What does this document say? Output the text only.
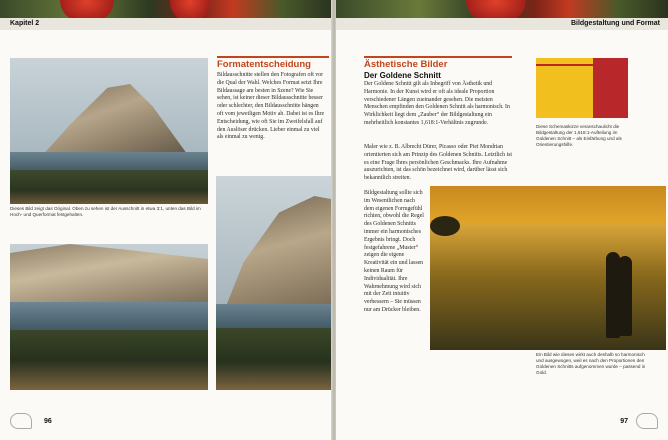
Kapitel 2
Dieses Bild zeigt das Original. Oben zu sehen ist der Ausschnitt in etwa 3:1, unten das Bild im Hoch- und Querformat festgehalten.
Formatentscheidung
Bildausschnitte stellen den Fotografen oft vor die Qual der Wahl. Welches Format setzt Ihre Bildaussage am besten in Szene? Wie Sie sehen, ist keiner dieser Bildausschnitte besser oder schlechter, den Bildausschnitte hängen oft vom jeweiligen Motiv ab. Dabei ist es Ihre Entscheidung, wie oft Sie im Zweifelsfall auf den Auslöser drücken. Lieber einmal zu viel als einmal zu wenig.
96
Bildgestaltung und Format
Ästhetische Bilder
Der Goldene Schnitt
Der Goldene Schnitt gilt als Inbegriff von Ästhetik und Harmonie. In der Kunst wird er oft als ideale Proportion verschiedener Längen zueinander gesehen. Die meisten Menschen empfinden den Goldenen Schnitt als harmonisch. In Wirklichkeit liegt dem „Zauber“ der Bildgestaltung ein mehrheitlich konstantes 1,618:1-Verhältnis zugrunde.
Maler wie z. B. Albrecht Dürer, Picasso oder Piet Mondrian orientierten sich am Prinzip des Goldenen Schnitts. Letztlich ist es eine Frage Ihres persönlichen Geschmacks. Ihre Aufnahme auszurichten, ist das schön bezeichnet wird, darüber lässt sich bekanntlich streiten.
Bildgestaltung sollte sich im Wesentlichen nach dem eigenen Formgefühl richten, obwohl die Regel des Goldenen Schnitts immer ein harmonisches Ergebnis bringt. Doch festgefahrene „Muster“ zeigen die eigene Kreativität ein und lassen keinen Raum für Individualität. Ihre Wahrnehmung wird sich mit der Zeit intuitiv verbessern – Sie müssen nur am Drücker bleiben.
Diese Schemaskizze veranschaulicht die Bildgestaltung der 1,618:1-Aufteilung im Goldenen Schnitt – als Einfärbung und als Orientierungshilfe.
Ein Bild wie dieses wirkt auch deshalb so harmonisch und ausgewogen, weil es nach den Proportionen des Goldenen Schnitts aufgenommen wurde – passend in Gold.
97
